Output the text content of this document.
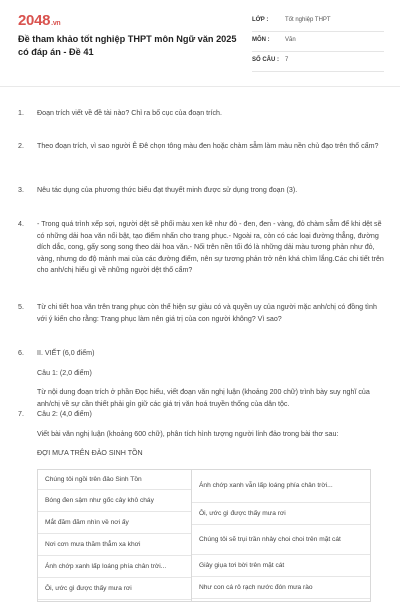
2048.vn
Đề tham khảo tốt nghiệp THPT môn Ngữ văn 2025 có đáp án - Đề 41
LỚP :	Tốt nghiệp THPT
MÔN :	Văn
SỐ CÂU : 7
1. Đoạn trích viết về đề tài nào? Chỉ ra bố cục của đoạn trích.
2. Theo đoạn trích, vì sao người Ê Đê chọn tông màu đen hoặc chàm sẫm làm màu nền chủ đạo trên thổ cẩm?
3. Nêu tác dụng của phương thức biểu đạt thuyết minh được sử dụng trong đoạn (3).
4. - Trong quá trình xếp sợi, người dệt sẽ phối màu xen kẽ như đỏ - đen, đen - vàng, đỏ chàm sẫm để khi dệt sẽ có những dải hoa văn nổi bật, tạo điểm nhấn cho trang phục.- Ngoài ra, còn có các loại đường thẳng, đường dích dắc, cong, gấy song song theo dải hoa văn.- Nối trên nền tối đó là những dải màu tương phản như đỏ, vàng, nhưng do độ mảnh mai của các đường điểm, nên sự tương phản trở nên khá chìm lắng.Các chi tiết trên cho anh/chị hiểu gì về những người dệt thổ cẩm?
5. Từ chi tiết hoa văn trên trang phục còn thể hiện sự giàu có và quyền uy của người mặc anh/chị có đồng tình với ý kiến cho rằng: Trang phục làm nên giá trị của con người không? Vì sao?
6. II. VIẾT (6,0 điểm)
Câu 1: (2,0 điểm)
Từ nội dung đoạn trích ở phần Đọc hiểu, viết đoạn văn nghị luận (khoảng 200 chữ) trình bày suy nghĩ của anh/chị về sự cần thiết phải gìn giữ các giá trị văn hoá truyền thống của dân tộc.
7. Câu 2: (4,0 điểm)
Viết bài văn nghị luận (khoảng 600 chữ), phân tích hình tượng người lính đảo trong bài thơ sau:
ĐỢI MƯA TRÊN ĐẢO SINH TỒN
Chúng tôi ngồi trên đảo Sinh Tồn
Bóng đen sậm như gốc cây khô cháy
Mắt đăm đăm nhìn về nơi ấy
Nơi cơn mưa thăm thẳm xa khơi
Ánh chớp xanh lấp loáng phía chân trời...
Ôi, ước gì được thấy mưa rơi
Ánh chớp xanh vẫn lấp loáng phía chân trời...
Ôi, ước gì được thấy mưa rơi
Chúng tôi sẽ trụi trần nhảy choi choi trên mặt cát
Giây giụa tơi bời trên mặt cát
Như con cá rô rạch nước đón mưa rào
